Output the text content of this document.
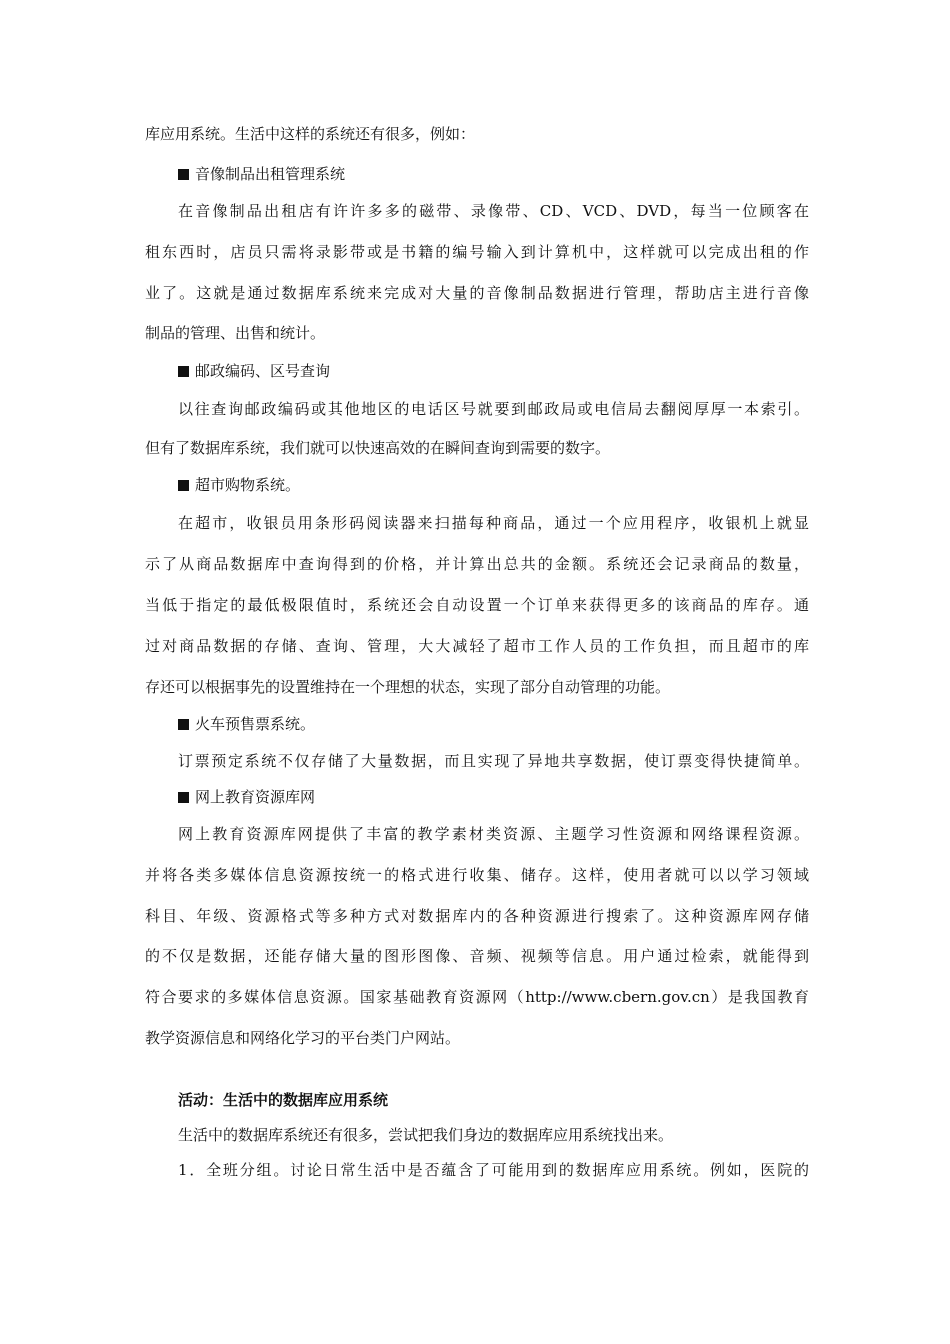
库应用系统。生活中这样的系统还有很多，例如：
音像制品出租管理系统
在音像制品出租店有许许多多的磁带、录像带、CD、VCD、DVD，每当一位顾客在
租东西时，店员只需将录影带或是书籍的编号输入到计算机中，这样就可以完成出租的作
业了。这就是通过数据库系统来完成对大量的音像制品数据进行管理，帮助店主进行音像
制品的管理、出售和统计。
邮政编码、区号查询
以往查询邮政编码或其他地区的电话区号就要到邮政局或电信局去翻阅厚厚一本索引。
但有了数据库系统，我们就可以快速高效的在瞬间查询到需要的数字。
超市购物系统。
在超市，收银员用条形码阅读器来扫描每种商品，通过一个应用程序，收银机上就显
示了从商品数据库中查询得到的价格，并计算出总共的金额。系统还会记录商品的数量，
当低于指定的最低极限值时，系统还会自动设置一个订单来获得更多的该商品的库存。通
过对商品数据的存储、查询、管理，大大减轻了超市工作人员的工作负担，而且超市的库
存还可以根据事先的设置维持在一个理想的状态，实现了部分自动管理的功能。
火车预售票系统。
订票预定系统不仅存储了大量数据，而且实现了异地共享数据，使订票变得快捷简单。
网上教育资源库网
网上教育资源库网提供了丰富的教学素材类资源、主题学习性资源和网络课程资源。
并将各类多媒体信息资源按统一的格式进行收集、储存。这样，使用者就可以以学习领域
科目、年级、资源格式等多种方式对数据库内的各种资源进行搜索了。这种资源库网存储
的不仅是数据，还能存储大量的图形图像、音频、视频等信息。用户通过检索，就能得到
符合要求的多媒体信息资源。国家基础教育资源网（http://www.cbern.gov.cn）是我国教育
教学资源信息和网络化学习的平台类门户网站。
活动：生活中的数据库应用系统
生活中的数据库系统还有很多，尝试把我们身边的数据库应用系统找出来。
1．全班分组。讨论日常生活中是否蕴含了可能用到的数据库应用系统。例如，医院的
